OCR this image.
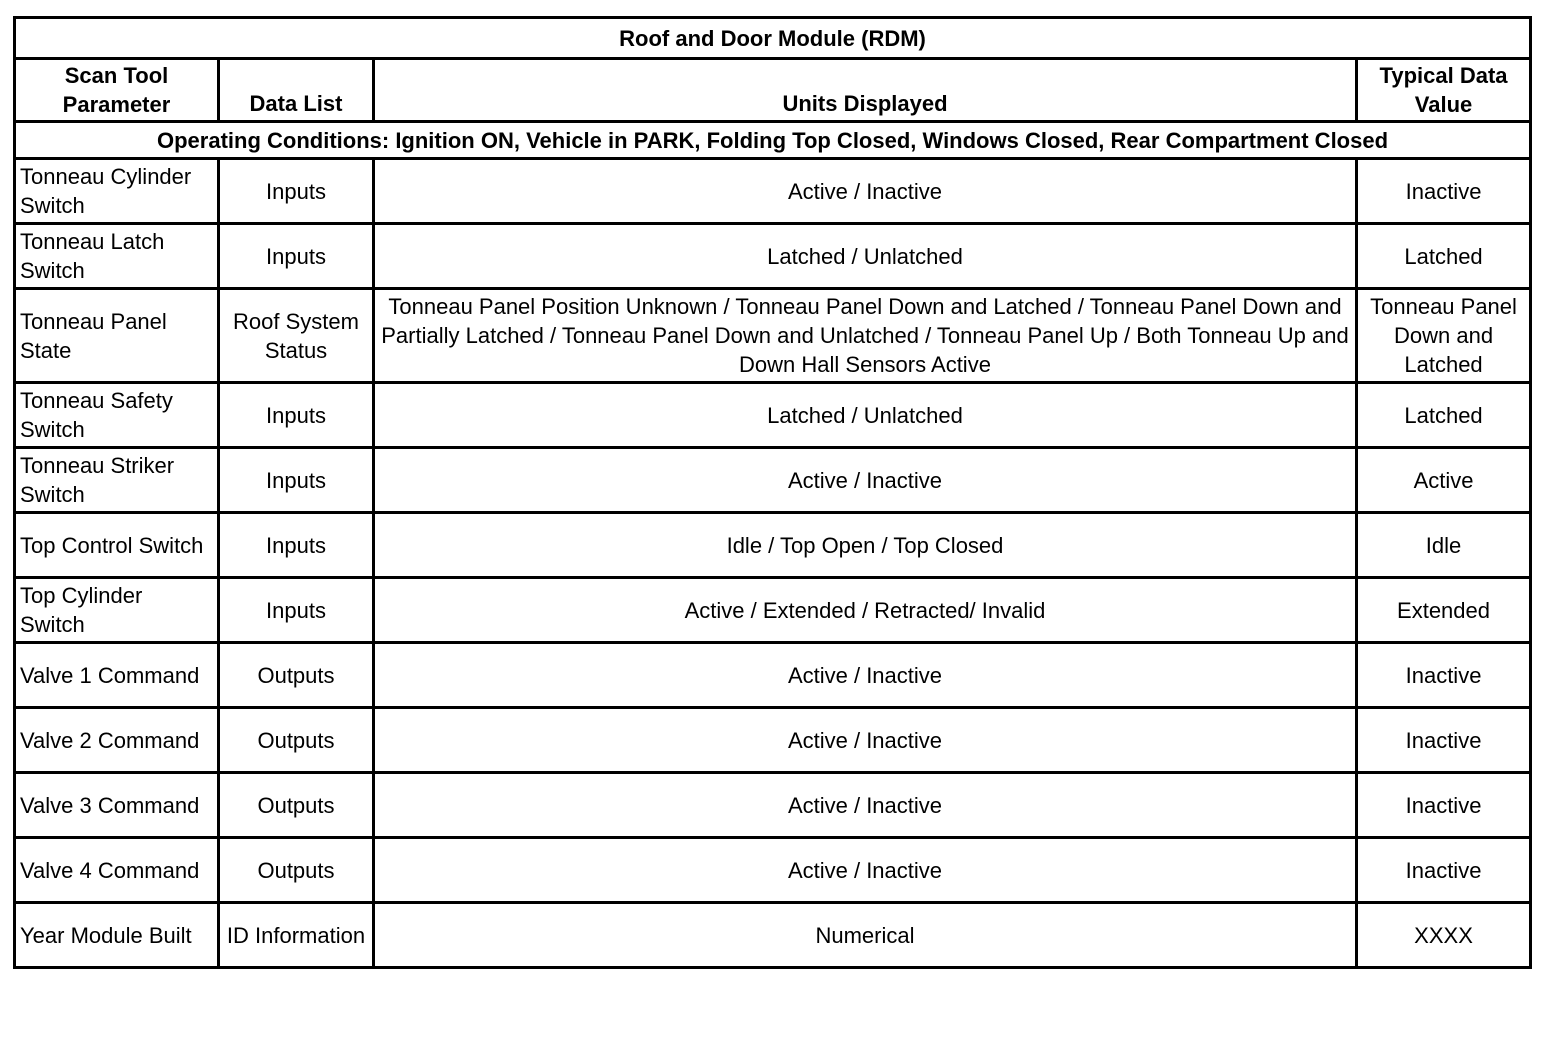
Roof and Door Module (RDM)			
Scan Tool Parameter	Data List	Units Displayed	Typical Data Value
Operating Conditions: Ignition ON, Vehicle in PARK, Folding Top Closed, Windows Closed, Rear Compartment Closed			
Tonneau Cylinder Switch	Inputs	Active / Inactive	Inactive
Tonneau Latch Switch	Inputs	Latched / Unlatched	Latched
Tonneau Panel State	Roof System Status	Tonneau Panel Position Unknown / Tonneau Panel Down and Latched / Tonneau Panel Down and Partially Latched / Tonneau Panel Down and Unlatched / Tonneau Panel Up / Both Tonneau Up and Down Hall Sensors Active	Tonneau Panel Down and Latched
Tonneau Safety Switch	Inputs	Latched / Unlatched	Latched
Tonneau Striker Switch	Inputs	Active / Inactive	Active
Top Control Switch	Inputs	Idle / Top Open / Top Closed	Idle
Top Cylinder Switch	Inputs	Active / Extended / Retracted/ Invalid	Extended
Valve 1 Command	Outputs	Active / Inactive	Inactive
Valve 2 Command	Outputs	Active / Inactive	Inactive
Valve 3 Command	Outputs	Active / Inactive	Inactive
Valve 4 Command	Outputs	Active / Inactive	Inactive
Year Module Built	ID Information	Numerical	XXXX
